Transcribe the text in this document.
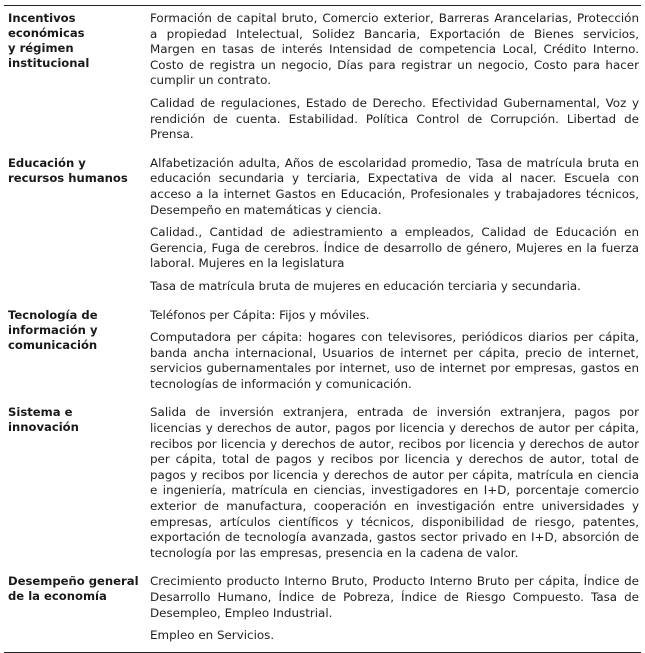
Incentivos
económicas
y régimen
institucional

Formación de capital bruto, Comercio exterior, Barreras Arancelarias, Protección a propiedad Intelectual, Solidez Bancaria, Exportación de Bienes servicios, Margen en tasas de interés Intensidad de competencia Local, Crédito Interno. Costo de registra un negocio, Días para registrar un negocio, Costo para hacer cumplir un contrato.

Calidad de regulaciones, Estado de Derecho. Efectividad Gubernamental, Voz y rendición de cuenta. Estabilidad. Política Control de Corrupción. Libertad de Prensa.

Educación y
recursos humanos

Alfabetización adulta, Años de escolaridad promedio, Tasa de matrícula bruta en educación secundaria y terciaria, Expectativa de vida al nacer. Escuela con acceso a la internet Gastos en Educación, Profesionales y trabajadores técnicos, Desempeño en matemáticas y ciencia.

Calidad., Cantidad de adiestramiento a empleados, Calidad de Educación en Gerencia, Fuga de cerebros. Índice de desarrollo de género, Mujeres en la fuerza laboral. Mujeres en la legislatura

Tasa de matrícula bruta de mujeres en educación terciaria y secundaria.

Tecnología de
información y
comunicación

Teléfonos per Cápita: Fijos y móviles.

Computadora per cápita: hogares con televisores, periódicos diarios per cápita, banda ancha internacional, Usuarios de internet per cápita, precio de internet, servicios gubernamentales por internet, uso de internet por empresas, gastos en tecnologías de información y comunicación.

Sistema e
innovación

Salida de inversión extranjera, entrada de inversión extranjera, pagos por licencias y derechos de autor, pagos por licencia y derechos de autor per cápita, recibos por licencia y derechos de autor, recibos por licencia y derechos de autor per cápita, total de pagos y recibos por licencia y derechos de autor, total de pagos y recibos por licencia y derechos de autor per cápita, matrícula en ciencia e ingeniería, matrícula en ciencias, investigadores en I+D, porcentaje comercio exterior de manufactura, cooperación en investigación entre universidades y empresas, artículos científicos y técnicos, disponibilidad de riesgo, patentes, exportación de tecnología avanzada, gastos sector privado en I+D, absorción de tecnología por las empresas, presencia en la cadena de valor.

Desempeño general
de la economía

Crecimiento producto Interno Bruto, Producto Interno Bruto per cápita, Índice de Desarrollo Humano, Índice de Pobreza, Índice de Riesgo Compuesto. Tasa de Desempleo, Empleo Industrial.

Empleo en Servicios.
